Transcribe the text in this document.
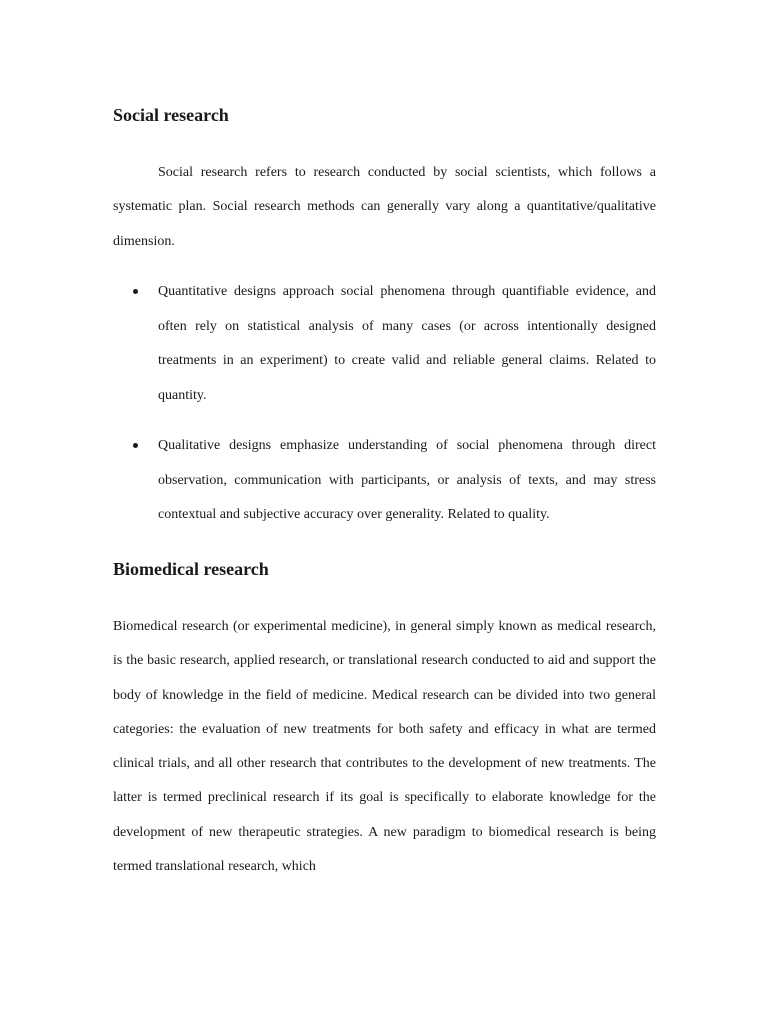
Social research

Social research refers to research conducted by social scientists, which follows a systematic plan. Social research methods can generally vary along a quantitative/qualitative dimension.

Quantitative designs approach social phenomena through quantifiable evidence, and often rely on statistical analysis of many cases (or across intentionally designed treatments in an experiment) to create valid and reliable general claims. Related to quantity.
Qualitative designs emphasize understanding of social phenomena through direct observation, communication with participants, or analysis of texts, and may stress contextual and subjective accuracy over generality. Related to quality.
Biomedical research

Biomedical research (or experimental medicine), in general simply known as medical research, is the basic research, applied research, or translational research conducted to aid and support the body of knowledge in the field of medicine. Medical research can be divided into two general categories: the evaluation of new treatments for both safety and efficacy in what are termed clinical trials, and all other research that contributes to the development of new treatments. The latter is termed preclinical research if its goal is specifically to elaborate knowledge for the development of new therapeutic strategies. A new paradigm to biomedical research is being termed translational research, which
